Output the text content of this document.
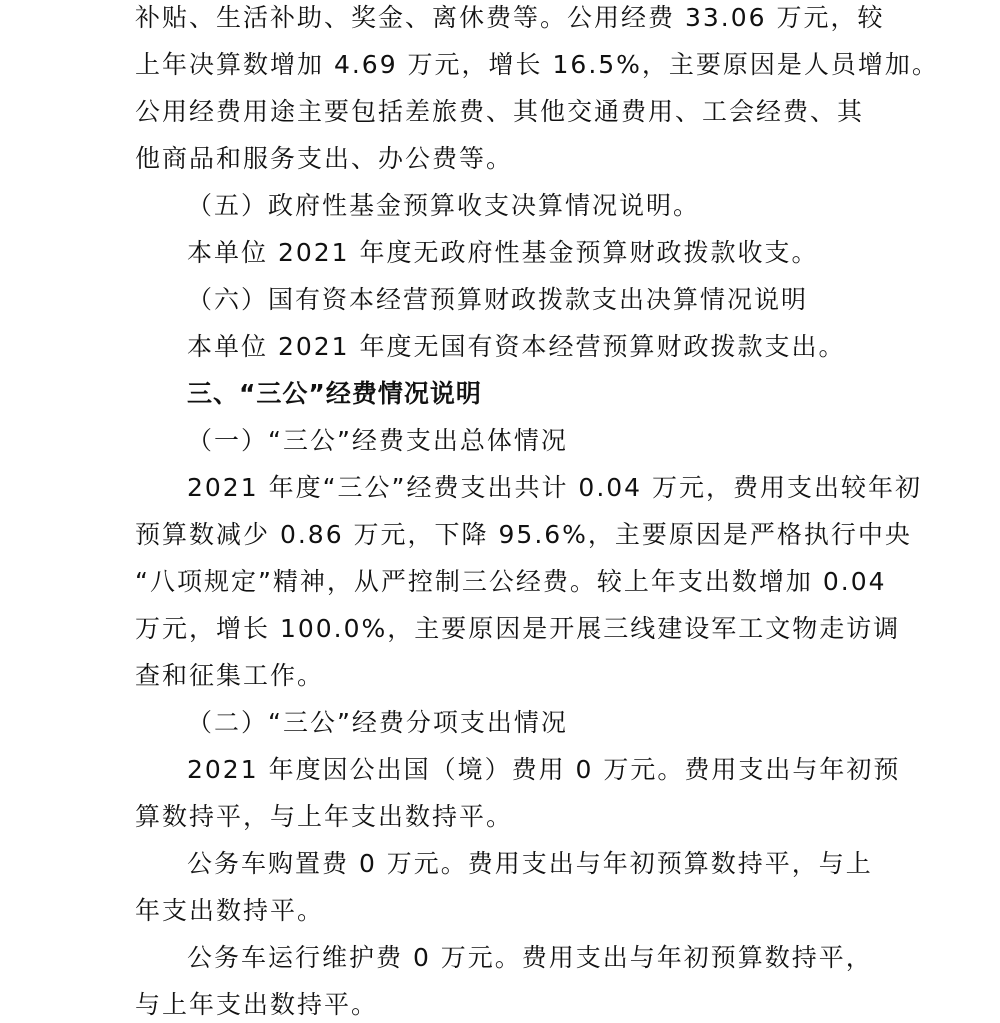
补贴、生活补助、奖金、离休费等。公用经费 33.06 万元，较
上年决算数增加 4.69 万元，增长 16.5%，主要原因是人员增加。
公用经费用途主要包括差旅费、其他交通费用、工会经费、其
他商品和服务支出、办公费等。
（五）政府性基金预算收支决算情况说明。
本单位 2021 年度无政府性基金预算财政拨款收支。
（六）国有资本经营预算财政拨款支出决算情况说明
本单位 2021 年度无国有资本经营预算财政拨款支出。
三、“三公”经费情况说明
（一）“三公”经费支出总体情况
2021 年度“三公”经费支出共计 0.04 万元，费用支出较年初
预算数减少 0.86 万元，下降 95.6%，主要原因是严格执行中央
“八项规定”精神，从严控制三公经费。较上年支出数增加 0.04
万元，增长 100.0%，主要原因是开展三线建设军工文物走访调
查和征集工作。
（二）“三公”经费分项支出情况
2021 年度因公出国（境）费用 0 万元。费用支出与年初预
算数持平，与上年支出数持平。
公务车购置费 0 万元。费用支出与年初预算数持平，与上
年支出数持平。
公务车运行维护费 0 万元。费用支出与年初预算数持平，
与上年支出数持平。
